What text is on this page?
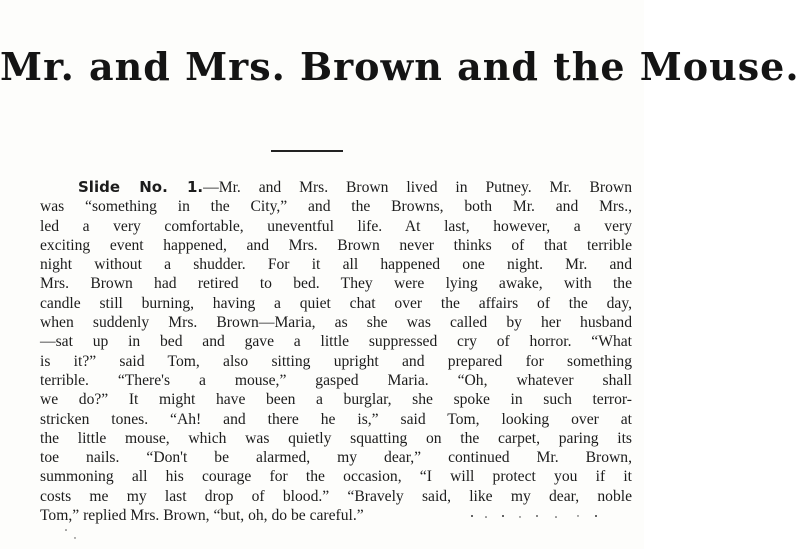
Mr. and Mrs. Brown and the Mouse.
Slide No. 1.—Mr. and Mrs. Brown lived in Putney. Mr. Brown
was “something in the City,” and the Browns, both Mr. and Mrs.,
led a very comfortable, uneventful life. At last, however, a very
exciting event happened, and Mrs. Brown never thinks of that terrible
night without a shudder. For it all happened one night. Mr. and
Mrs. Brown had retired to bed. They were lying awake, with the
candle still burning, having a quiet chat over the affairs of the day,
when suddenly Mrs. Brown—Maria, as she was called by her husband
—sat up in bed and gave a little suppressed cry of horror. “What
is it?” said Tom, also sitting upright and prepared for something
terrible. “There's a mouse,” gasped Maria. “Oh, whatever shall
we do?” It might have been a burglar, she spoke in such terror-
stricken tones. “Ah! and there he is,” said Tom, looking over at
the little mouse, which was quietly squatting on the carpet, paring its
toe nails. “Don't be alarmed, my dear,” continued Mr. Brown,
summoning all his courage for the occasion, “I will protect you if it
costs me my last drop of blood.” “Bravely said, like my dear, noble
Tom,” replied Mrs. Brown, “but, oh, do be careful.”
